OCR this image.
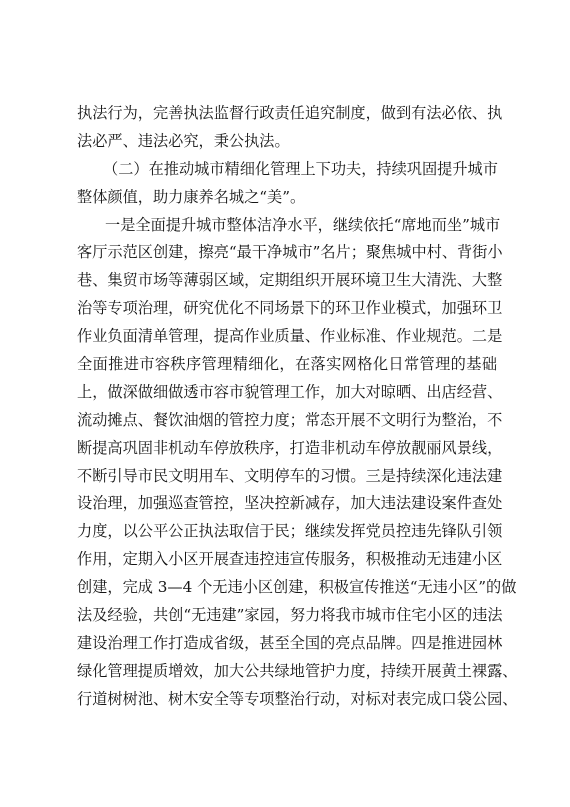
执法行为，完善执法监督行政责任追究制度，做到有法必依、执
法必严、违法必究，秉公执法。
（二）在推动城市精细化管理上下功夫，持续巩固提升城市
整体颜值，助力康养名城之“美”。
一是全面提升城市整体洁净水平，继续依托“席地而坐”城市
客厅示范区创建，擦亮“最干净城市”名片；聚焦城中村、背街小
巷、集贸市场等薄弱区域，定期组织开展环境卫生大清洗、大整
治等专项治理，研究优化不同场景下的环卫作业模式，加强环卫
作业负面清单管理，提高作业质量、作业标准、作业规范。二是
全面推进市容秩序管理精细化，在落实网格化日常管理的基础
上，做深做细做透市容市貌管理工作，加大对晾晒、出店经营、
流动摊点、餐饮油烟的管控力度；常态开展不文明行为整治，不
断提高巩固非机动车停放秩序，打造非机动车停放靓丽风景线，
不断引导市民文明用车、文明停车的习惯。三是持续深化违法建
设治理，加强巡查管控，坚决控新减存，加大违法建设案件查处
力度，以公平公正执法取信于民；继续发挥党员控违先锋队引领
作用，定期入小区开展查违控违宣传服务，积极推动无违建小区
创建，完成 3—4 个无违小区创建，积极宣传推送“无违小区”的做
法及经验，共创“无违建”家园，努力将我市城市住宅小区的违法
建设治理工作打造成省级，甚至全国的亮点品牌。四是推进园林
绿化管理提质增效，加大公共绿地管护力度，持续开展黄土裸露、
行道树树池、树木安全等专项整治行动，对标对表完成口袋公园、
